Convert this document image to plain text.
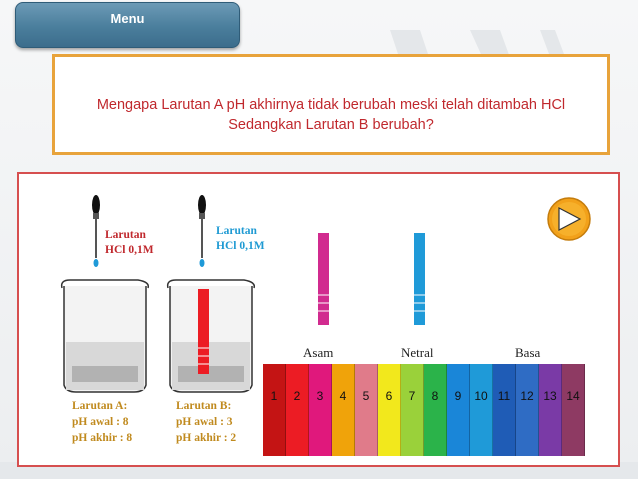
Menu
Mengapa Larutan A pH akhirnya tidak berubah meski telah ditambah HCl
Sedangkan Larutan B berubah?
Larutan
HCl 0,1M
Larutan
HCl 0,1M
Larutan A:
pH awal : 8
pH akhir : 8
Larutan B:
pH awal : 3
pH akhir : 2
Asam	Netral	Basa
1	2	3	4	5	6	7	8	9	10 11 12 13 14
